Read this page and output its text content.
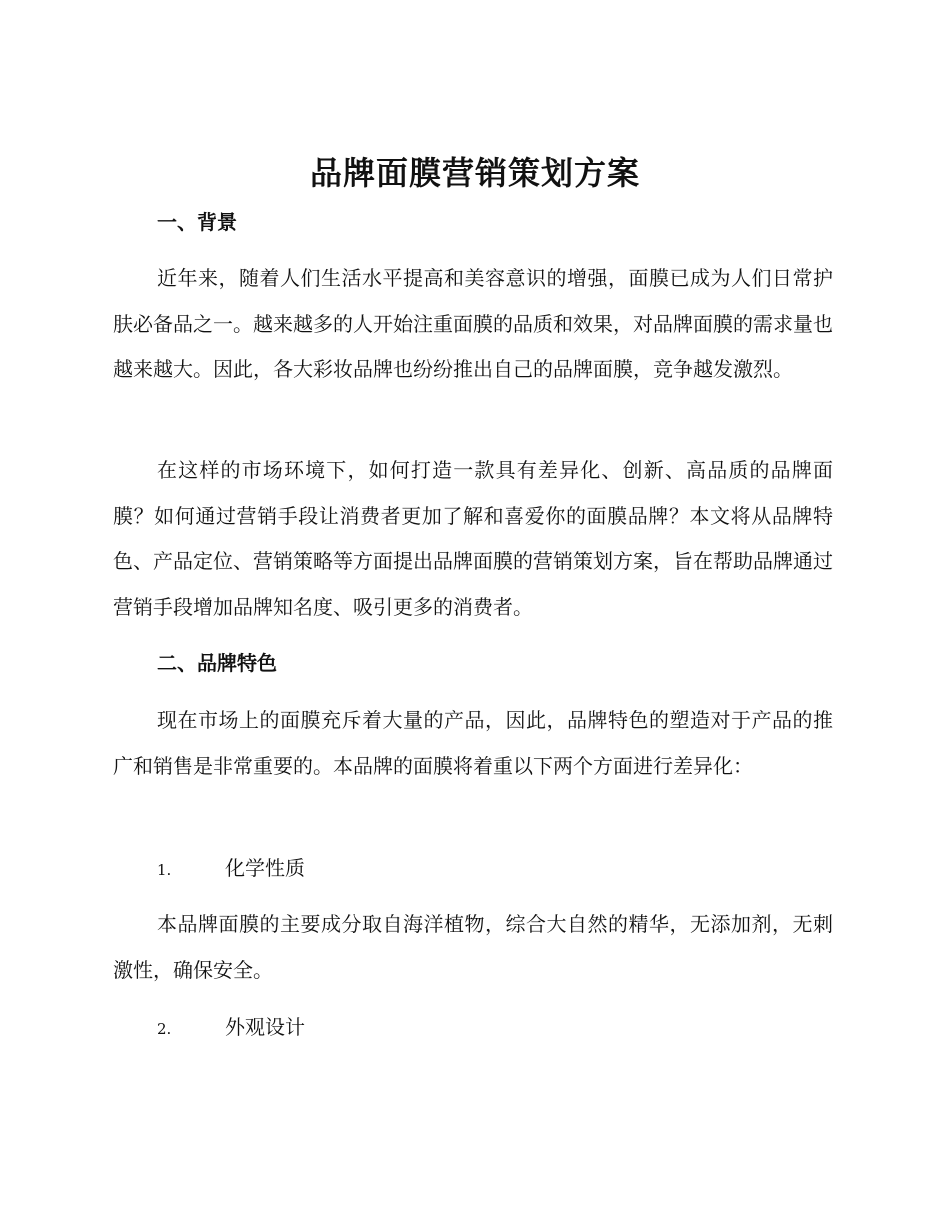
品牌面膜营销策划方案
一、背景
近年来，随着人们生活水平提高和美容意识的增强，面膜已成为人们日常护肤必备品之一。越来越多的人开始注重面膜的品质和效果，对品牌面膜的需求量也越来越大。因此，各大彩妆品牌也纷纷推出自己的品牌面膜，竞争越发激烈。
在这样的市场环境下，如何打造一款具有差异化、创新、高品质的品牌面膜？如何通过营销手段让消费者更加了解和喜爱你的面膜品牌？本文将从品牌特色、产品定位、营销策略等方面提出品牌面膜的营销策划方案，旨在帮助品牌通过营销手段增加品牌知名度、吸引更多的消费者。
二、品牌特色
现在市场上的面膜充斥着大量的产品，因此，品牌特色的塑造对于产品的推广和销售是非常重要的。本品牌的面膜将着重以下两个方面进行差异化：
1.	化学性质
本品牌面膜的主要成分取自海洋植物，综合大自然的精华，无添加剂，无刺激性，确保安全。
2.	外观设计
